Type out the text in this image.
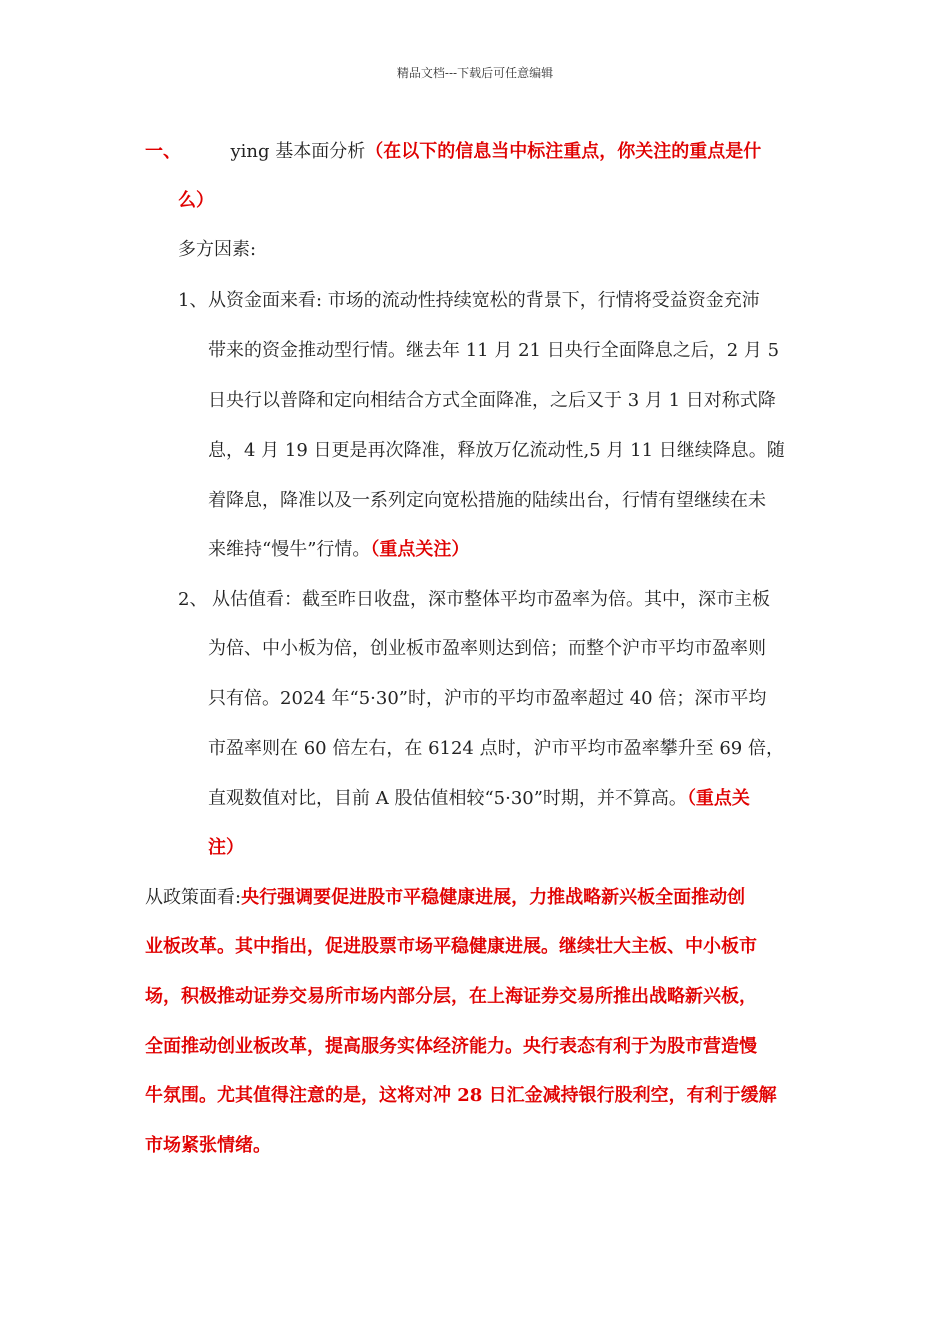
精品文档---下载后可任意编辑
一、	ying 基本面分析（在以下的信息当中标注重点，你关注的重点是什
么）
多方因素:
1、 从资金面来看: 市场的流动性持续宽松的背景下，行情将受益资金充沛
带来的资金推动型行情。继去年 11 月 21 日央行全面降息之后，2 月 5
日央行以普降和定向相结合方式全面降准，之后又于 3 月 1 日对称式降
息，4 月 19 日更是再次降准，释放万亿流动性,5 月 11 日继续降息。随
着降息，降准以及一系列定向宽松措施的陆续出台，行情有望继续在未
来维持“慢牛”行情。（重点关注）
2、 从估值看：截至昨日收盘，深市整体平均市盈率为倍。其中，深市主板
为倍、中小板为倍，创业板市盈率则达到倍；而整个沪市平均市盈率则
只有倍。2024 年“5·30”时，沪市的平均市盈率超过 40 倍；深市平均
市盈率则在 60 倍左右，在 6124 点时，沪市平均市盈率攀升至 69 倍，
直观数值对比，目前 A 股估值相较“5·30”时期，并不算高。（重点关
注）
从政策面看:央行强调要促进股市平稳健康进展，力推战略新兴板全面推动创
业板改革。其中指出，促进股票市场平稳健康进展。继续壮大主板、中小板市
场，积极推动证券交易所市场内部分层，在上海证券交易所推出战略新兴板，
全面推动创业板改革，提高服务实体经济能力。央行表态有利于为股市营造慢
牛氛围。尤其值得注意的是，这将对冲 28 日汇金减持银行股利空，有利于缓解
市场紧张情绪。
